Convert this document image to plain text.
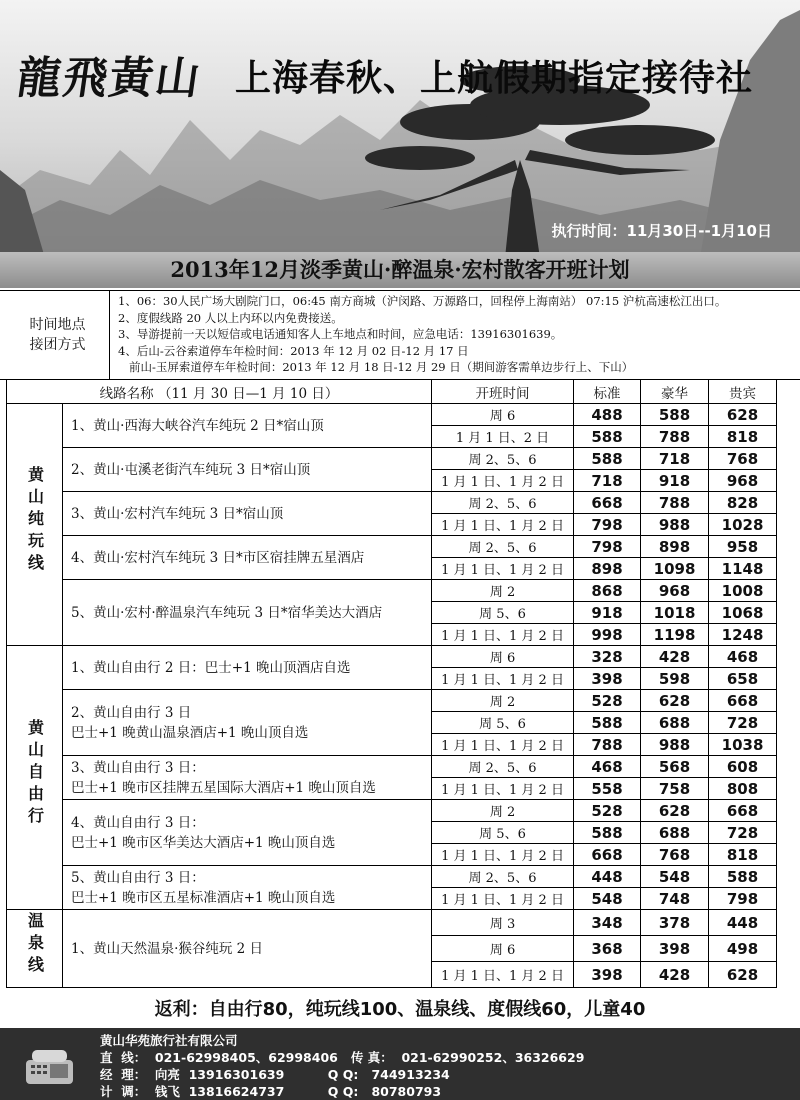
龍飛黃山 上海春秋、上航假期指定接待社
执行时间：11月30日--1月10日
2013年12月淡季黄山·醉温泉·宏村散客开班计划
时间地点
接团方式
1、06：30人民广场大剧院门口，06:45 南方商城（沪闵路、万源路口，回程停上海南站） 07:15 沪杭高速松江出口。
2、度假线路 20 人以上内环以内免费接送。
3、导游提前一天以短信或电话通知客人上车地点和时间，应急电话：13916301639。
4、后山-云谷索道停车年检时间：2013 年 12 月 02 日-12 月 17 日
前山-玉屏索道停车年检时间：2013 年 12 月 18 日-12 月 29 日（期间游客需单边步行上、下山）
线路名称 （11 月 30 日—1 月 10 日）		开班时间	标准	豪华	贵宾
黄山纯玩线	1、黄山·西海大峡谷汽车纯玩 2 日*宿山顶	周 6	488	588	628
		1 月 1 日、2 日	588	788	818
	2、黄山·屯溪老街汽车纯玩 3 日*宿山顶	周 2、5、6	588	718	768
		1 月 1 日、1 月 2 日	718	918	968
	3、黄山·宏村汽车纯玩 3 日*宿山顶	周 2、5、6	668	788	828
		1 月 1 日、1 月 2 日	798	988	1028
	4、黄山·宏村汽车纯玩 3 日*市区宿挂牌五星酒店	周 2、5、6	798	898	958
		1 月 1 日、1 月 2 日	898	1098	1148
	5、黄山·宏村·醉温泉汽车纯玩 3 日*宿华美达大酒店	周 2	868	968	1008
		周 5、6	918	1018	1068
		1 月 1 日、1 月 2 日	998	1198	1248
黄山自由行	1、黄山自由行 2 日：巴士+1 晚山顶酒店自选	周 6	328	428	468
		1 月 1 日、1 月 2 日	398	598	658

	2、黄山自由行 3 日
巴士+1 晚黄山温泉酒店+1 晚山顶自选	周 2	528	628	668
		周 5、6	588	688	728
		1 月 1 日、1 月 2 日	788	988	1038

	3、黄山自由行 3 日：
巴士+1 晚市区挂牌五星国际大酒店+1 晚山顶自选	周 2、5、6	468	568	608
		1 月 1 日、1 月 2 日	558	758	808

	4、黄山自由行 3 日：
巴士+1 晚市区华美达大酒店+1 晚山顶自选	周 2	528	628	668
		周 5、6	588	688	728
		1 月 1 日、1 月 2 日	668	768	818

	5、黄山自由行 3 日：
巴士+1 晚市区五星标准酒店+1 晚山顶自选	周 2、5、6	448	548	588
		1 月 1 日、1 月 2 日	548	748	798
温泉线	1、黄山天然温泉·猴谷纯玩 2 日	周 3	348	378	448
		周 6	368	398	498
		1 月 1 日、1 月 2 日	398	428	628
返利：自由行80，纯玩线100、温泉线、度假线60，儿童40
黄山华苑旅行社有限公司
直  线：  021-62998405、62998406   传 真：  021-62990252、36326629
经  理：  向亮  13916301639          Q Q:   744913234
计  调：  钱飞  13816624737          Q Q:   80780793
